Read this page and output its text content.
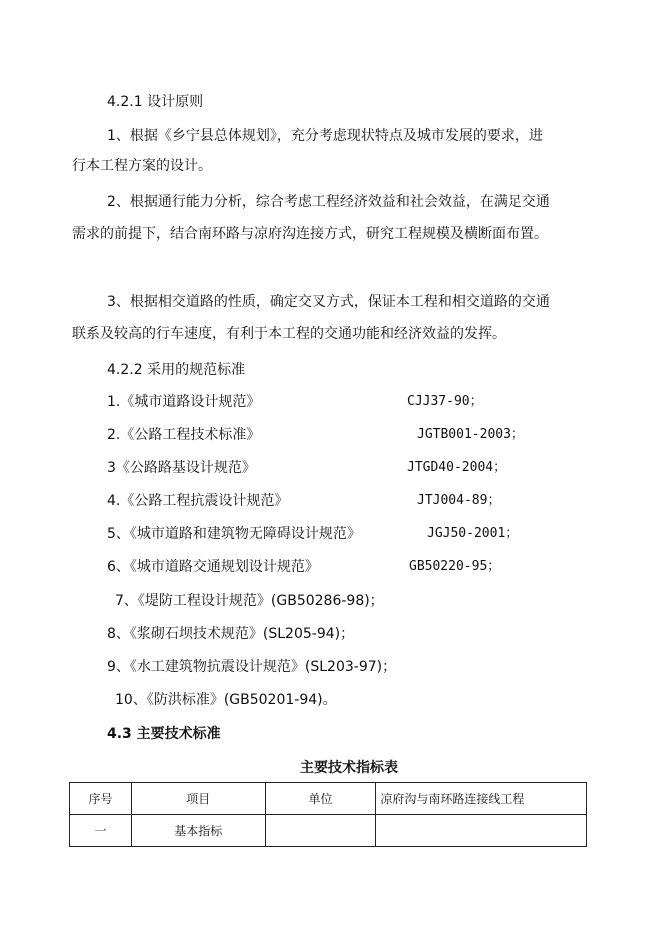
4.2.1 设计原则
1、根据《乡宁县总体规划》，充分考虑现状特点及城市发展的要求，进
行本工程方案的设计。
2、根据通行能力分析，综合考虑工程经济效益和社会效益，在满足交通
需求的前提下，结合南环路与凉府沟连接方式，研究工程规模及横断面布置。
3、根据相交道路的性质，确定交叉方式，保证本工程和相交道路的交通
联系及较高的行车速度，有利于本工程的交通功能和经济效益的发挥。
4.2.2 采用的规范标准
1.《城市道路设计规范》	CJJ37-90；
2.《公路工程技术标准》	JGTB001-2003；
3《公路路基设计规范》	JTGD40-2004；
4.《公路工程抗震设计规范》	JTJ004-89；
5、《城市道路和建筑物无障碍设计规范》	JGJ50-2001；
6、《城市道路交通规划设计规范》	GB50220-95；
7、《堤防工程设计规范》(GB50286-98)；
8、《浆砌石坝技术规范》(SL205-94)；
9、《水工建筑物抗震设计规范》(SL203-97)；
10、《防洪标准》(GB50201-94)。
4.3 主要技术标准
主要技术指标表
序号	项目	单位	凉府沟与南环路连接线工程
一	基本指标		
